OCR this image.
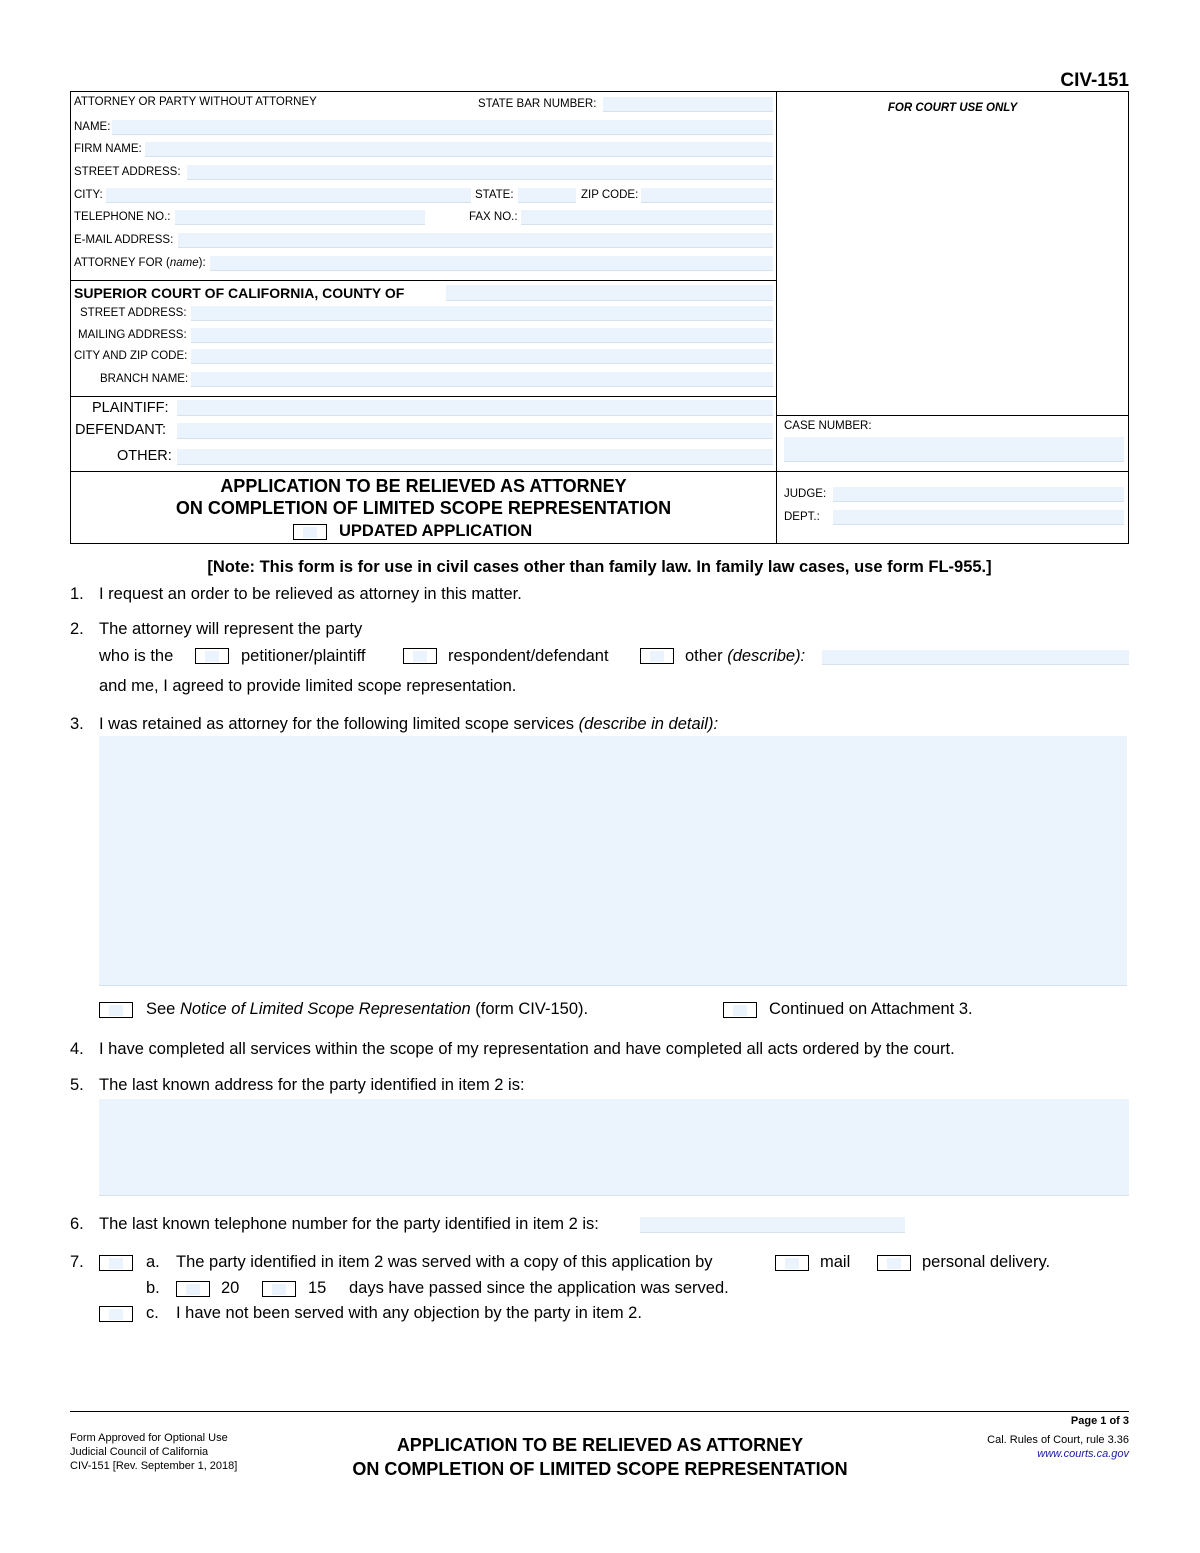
CIV-151
ATTORNEY OR PARTY WITHOUT ATTORNEY	STATE BAR NUMBER:
NAME:
FIRM NAME:
STREET ADDRESS:
CITY:	STATE:	ZIP CODE:
TELEPHONE NO.:	FAX NO.:
E-MAIL ADDRESS:
ATTORNEY FOR (name):
FOR COURT USE ONLY
SUPERIOR COURT OF CALIFORNIA, COUNTY OF
STREET ADDRESS:
MAILING ADDRESS:
CITY AND ZIP CODE:
BRANCH NAME:
PLAINTIFF:
DEFENDANT:
OTHER:
CASE NUMBER:
APPLICATION TO BE RELIEVED AS ATTORNEY
ON COMPLETION OF LIMITED SCOPE REPRESENTATION
UPDATED APPLICATION
JUDGE:
DEPT.:
[Note: This form is for use in civil cases other than family law. In family law cases, use form FL-955.]
1. I request an order to be relieved as attorney in this matter.
2. The attorney will represent the party
who is the	petitioner/plaintiff	respondent/defendant	other (describe):
and me, I agreed to provide limited scope representation.
3. I was retained as attorney for the following limited scope services (describe in detail):
See Notice of Limited Scope Representation (form CIV-150).	Continued on Attachment 3.
4. I have completed all services within the scope of my representation and have completed all acts ordered by the court.
5. The last known address for the party identified in item 2 is:
6. The last known telephone number for the party identified in item 2 is:
7.	a. The party identified in item 2 was served with a copy of this application by	mail	personal delivery.
b.	20	15 days have passed since the application was served.
c. I have not been served with any objection by the party in item 2.
Page 1 of 3
Form Approved for Optional Use
Judicial Council of California
CIV-151 [Rev. September 1, 2018]
APPLICATION TO BE RELIEVED AS ATTORNEY
ON COMPLETION OF LIMITED SCOPE REPRESENTATION
Cal. Rules of Court, rule 3.36
www.courts.ca.gov
